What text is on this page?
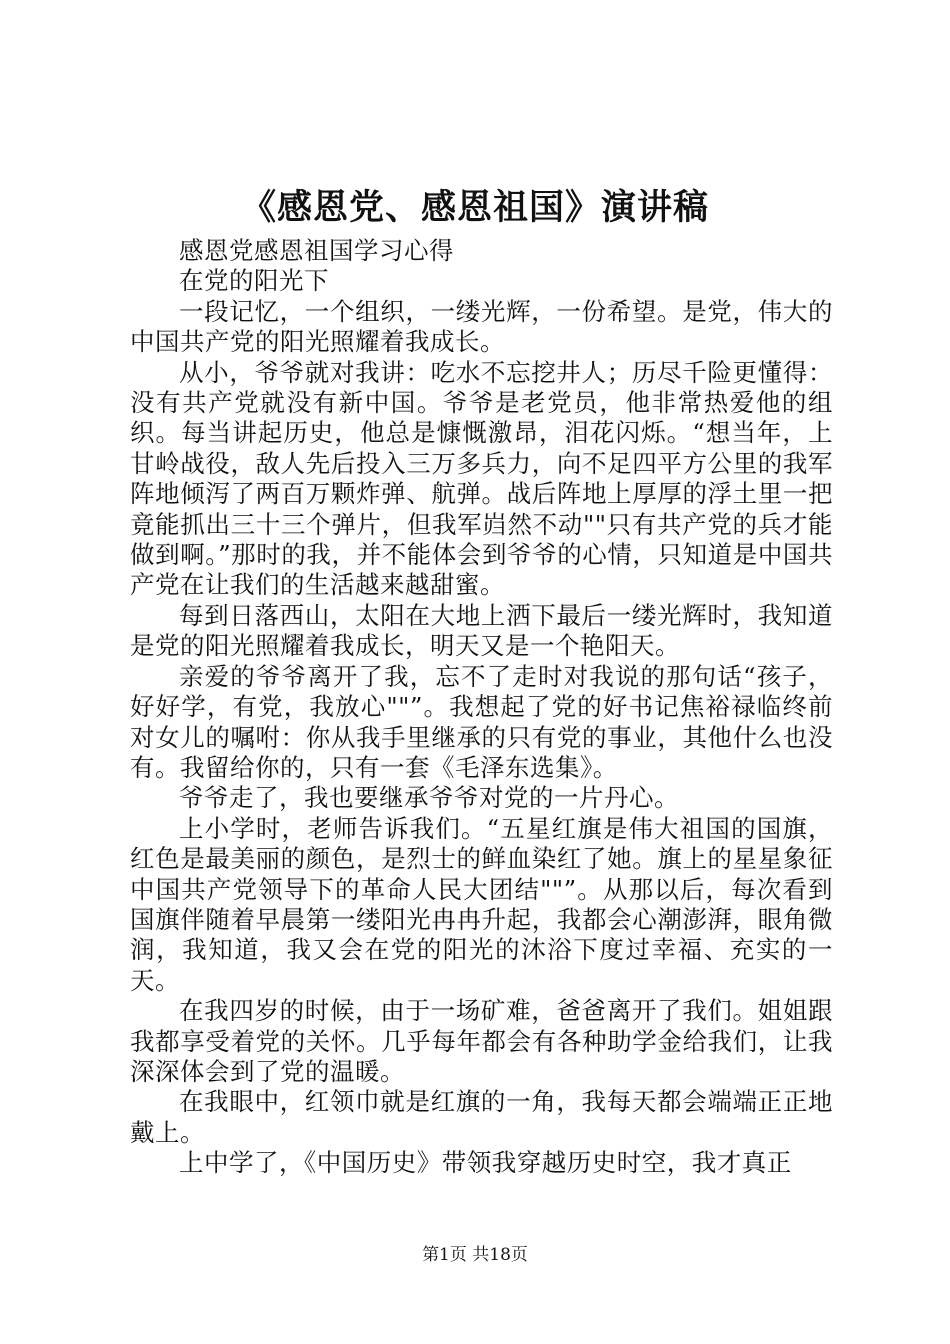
《感恩党、感恩祖国》演讲稿

感恩党感恩祖国学习心得

在党的阳光下

一段记忆，一个组织，一缕光辉，一份希望。是党，伟大的中国共产党的阳光照耀着我成长。

从小，爷爷就对我讲：吃水不忘挖井人；历尽千险更懂得：没有共产党就没有新中国。爷爷是老党员，他非常热爱他的组织。每当讲起历史，他总是慷慨激昂，泪花闪烁。“想当年，上甘岭战役，敌人先后投入三万多兵力，向不足四平方公里的我军阵地倾泻了两百万颗炸弹、航弹。战后阵地上厚厚的浮土里一把竟能抓出三十三个弹片，但我军岿然不动""只有共产党的兵才能做到啊。”那时的我，并不能体会到爷爷的心情，只知道是中国共产党在让我们的生活越来越甜蜜。

每到日落西山，太阳在大地上洒下最后一缕光辉时，我知道是党的阳光照耀着我成长，明天又是一个艳阳天。

亲爱的爷爷离开了我，忘不了走时对我说的那句话“孩子，好好学，有党，我放心""”。我想起了党的好书记焦裕禄临终前对女儿的嘱咐：你从我手里继承的只有党的事业，其他什么也没有。我留给你的，只有一套《毛泽东选集》。

爷爷走了，我也要继承爷爷对党的一片丹心。

上小学时，老师告诉我们。“五星红旗是伟大祖国的国旗，红色是最美丽的颜色，是烈士的鲜血染红了她。旗上的星星象征中国共产党领导下的革命人民大团结""”。从那以后，每次看到国旗伴随着早晨第一缕阳光冉冉升起，我都会心潮澎湃，眼角微润，我知道，我又会在党的阳光的沐浴下度过幸福、充实的一天。

在我四岁的时候，由于一场矿难，爸爸离开了我们。姐姐跟我都享受着党的关怀。几乎每年都会有各种助学金给我们，让我深深体会到了党的温暖。

在我眼中，红领巾就是红旗的一角，我每天都会端端正正地戴上。

上中学了，《中国历史》带领我穿越历史时空，我才真正

第1页 共18页
